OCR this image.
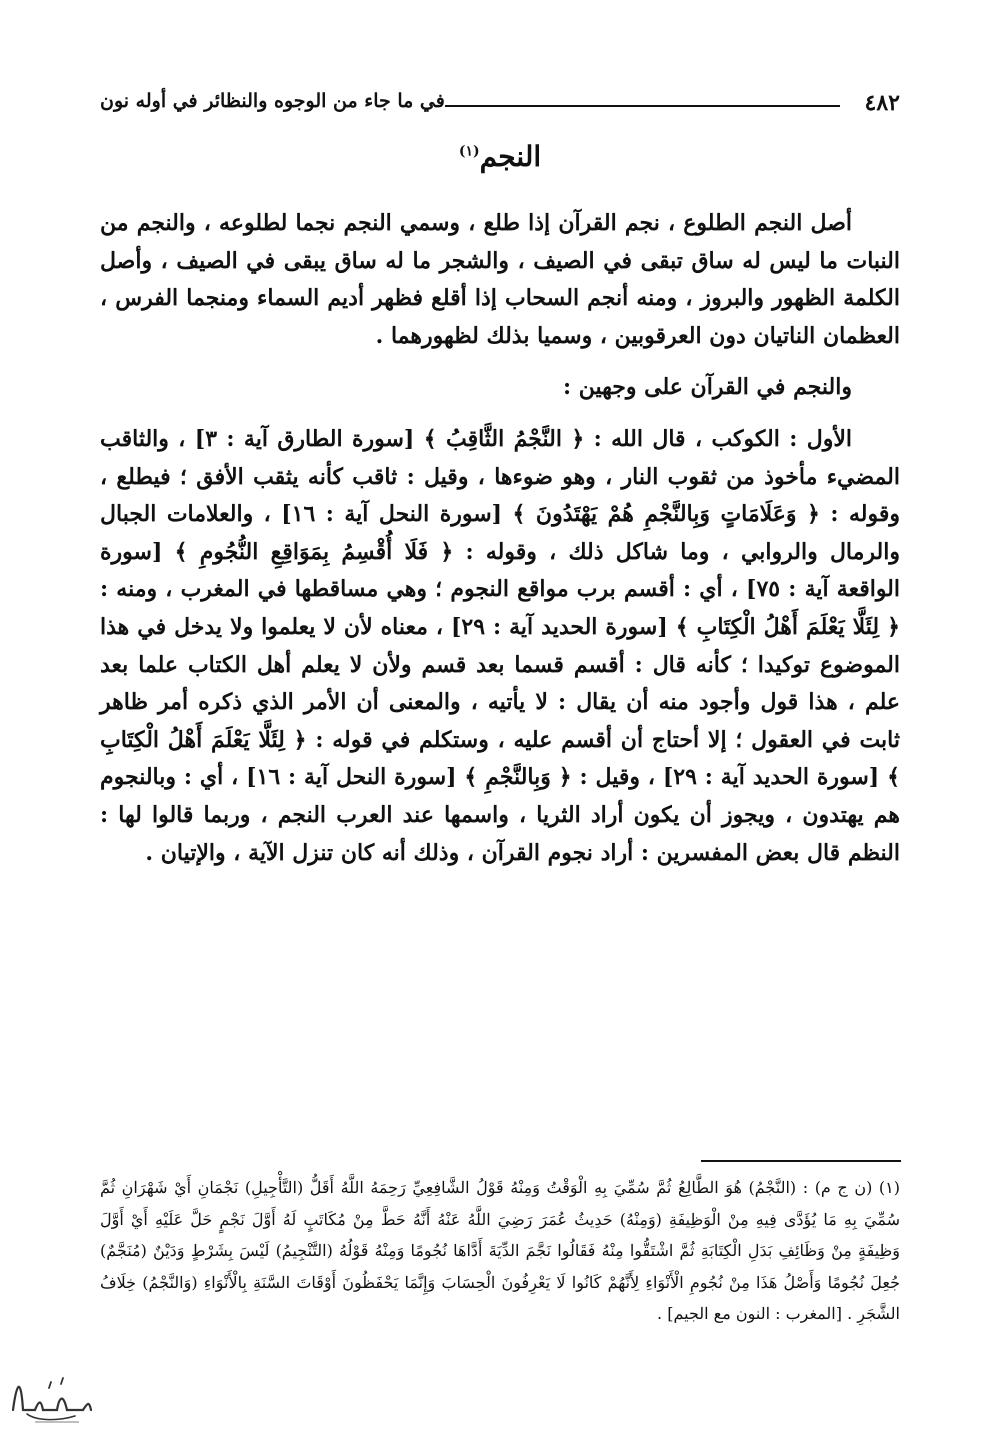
٤٨٢
في ما جاء من الوجوه والنظائر في أوله نون
النجم$^{(١)}$

أصل النجم الطلوع ، نجم القرآن إذا طلع ، وسمي النجم نجما لطلوعه ، والنجم من النبات ما ليس له ساق تبقى في الصيف ، والشجر ما له ساق يبقى في الصيف ، وأصل الكلمة الظهور والبروز ، ومنه أنجم السحاب إذا أقلع فظهر أديم السماء ومنجما الفرس ، العظمان الناتيان دون العرقوبين ، وسميا بذلك لظهورهما .

والنجم في القرآن على وجهين :

الأول : الكوكب ، قال الله : ﴿ النَّجْمُ الثَّاقِبُ ﴾ [سورة الطارق آية : ٣] ، والثاقب المضيء مأخوذ من ثقوب النار ، وهو ضوءها ، وقيل : ثاقب كأنه يثقب الأفق ؛ فيطلع ، وقوله : ﴿ وَعَلَامَاتٍ وَبِالنَّجْمِ هُمْ يَهْتَدُونَ ﴾ [سورة النحل آية : ١٦] ، والعلامات الجبال والرمال والروابي ، وما شاكل ذلك ، وقوله : ﴿ فَلَا أُقْسِمُ بِمَوَاقِعِ النُّجُومِ ﴾ [سورة الواقعة آية : ٧٥] ، أي : أقسم برب مواقع النجوم ؛ وهي مساقطها في المغرب ، ومنه : ﴿ لِئَلَّا يَعْلَمَ أَهْلُ الْكِتَابِ ﴾ [سورة الحديد آية : ٢٩] ، معناه لأن لا يعلموا ولا يدخل في هذا الموضوع توكيدا ؛ كأنه قال : أقسم قسما بعد قسم ولأن لا يعلم أهل الكتاب علما بعد علم ، هذا قول وأجود منه أن يقال : لا يأتيه ، والمعنى أن الأمر الذي ذكره أمر ظاهر ثابت في العقول ؛ إلا أحتاج أن أقسم عليه ، وستكلم في قوله : ﴿ لِئَلَّا يَعْلَمَ أَهْلُ الْكِتَابِ ﴾ [سورة الحديد آية : ٢٩] ، وقيل : ﴿ وَبِالنَّجْمِ ﴾ [سورة النحل آية : ١٦] ، أي : وبالنجوم هم يهتدون ، ويجوز أن يكون أراد الثريا ، واسمها عند العرب النجم ، وربما قالوا لها : النظم قال بعض المفسرين : أراد نجوم القرآن ، وذلك أنه كان تنزل الآية ، والإتيان .

(١) (ن ج م) : (النَّجْمُ) هُوَ الطَّالِعُ ثُمَّ سُمِّيَ بِهِ الْوَقْتُ وَمِنْهُ قَوْلُ الشَّافِعِيِّ رَحِمَهُ اللَّهُ أَقَلُّ (التَّأْجِيلِ) نَجْمَانِ أَيْ شَهْرَانِ ثُمَّ سُمِّيَ بِهِ مَا يُؤَدَّى فِيهِ مِنْ الْوَظِيفَةِ (وَمِنْهُ) حَدِيثُ عُمَرَ رَضِيَ اللَّهُ عَنْهُ أَنَّهُ حَطَّ مِنْ مُكَاتَبٍ لَهُ أَوَّلَ نَجْمٍ حَلَّ عَلَيْهِ أَيْ أَوَّلَ وَظِيفَةٍ مِنْ وَظَائِفِ بَدَلِ الْكِتَابَةِ ثُمَّ اشْتَقُّوا مِنْهُ فَقَالُوا نَجَّمَ الدِّيَةَ أَدَّاهَا نُجُومًا وَمِنْهُ قَوْلُهُ (التَّنْجِيمُ) لَيْسَ بِشَرْطٍ وَدَيْنٌ (مُنَجَّمٌ) جُعِلَ نُجُومًا وَأَصْلُ هَذَا مِنْ نُجُومِ الْأَنْوَاءِ لِأَنَّهُمْ كَانُوا لَا يَعْرِفُونَ الْحِسَابَ وَإِنَّمَا يَحْفَظُونَ أَوْقَاتَ السَّنَةِ بِالْأَنْوَاءِ (وَالنَّجْمُ) خِلَافُ الشَّجَرِ . [المغرب : النون مع الجيم] .
